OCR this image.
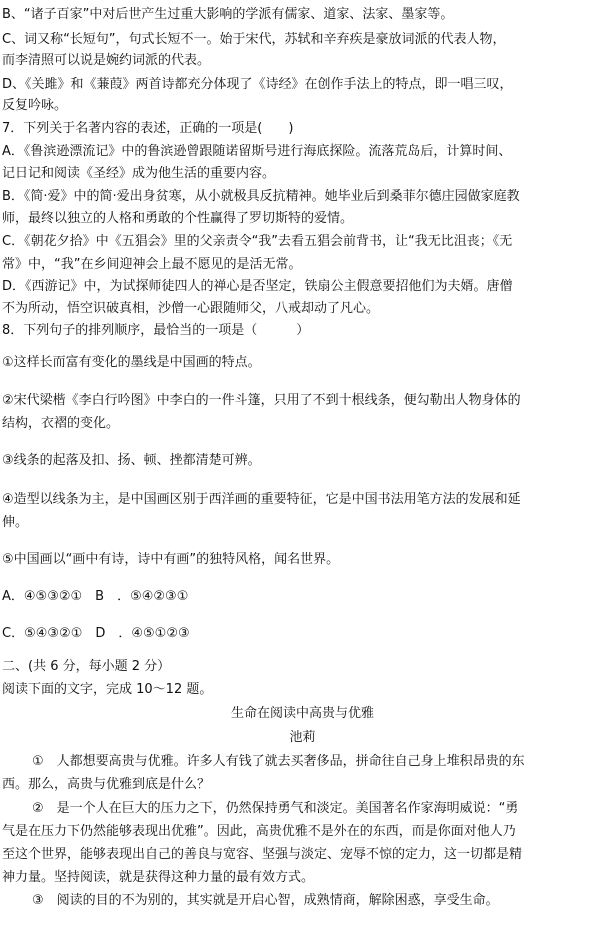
B、“诸子百家”中对后世产生过重大影响的学派有儒家、道家、法家、墨家等。
C、词又称“长短句”，句式长短不一。始于宋代，苏轼和辛弃疾是豪放词派的代表人物，
而李清照可以说是婉约词派的代表。
D、《关雎》和《蒹葭》两首诗都充分体现了《诗经》在创作手法上的特点，即一唱三叹，
反复吟咏。
7．下列关于名著内容的表述，正确的一项是(　　)
A．《鲁滨逊漂流记》中的鲁滨逊曾跟随诺留斯号进行海底探险。流落荒岛后，计算时间、
记日记和阅读《圣经》成为他生活的重要内容。
B．《简·爱》中的简·爱出身贫寒，从小就极具反抗精神。她毕业后到桑菲尔德庄园做家庭教
师，最终以独立的人格和勇敢的个性赢得了罗切斯特的爱情。
C．《朝花夕拾》中《五猖会》里的父亲责令“我”去看五猖会前背书，让“我无比沮丧；《无
常》中，“我”在乡间迎神会上最不愿见的是活无常。
D．《西游记》中，为试探师徒四人的禅心是否坚定，铁扇公主假意要招他们为夫婿。唐僧
不为所动，悟空识破真相，沙僧一心跟随师父，八戒却动了凡心。
8．下列句子的排列顺序，最恰当的一项是（　　　）
①这样长而富有变化的墨线是中国画的特点。
②宋代梁楷《李白行吟图》中李白的一件斗篷，只用了不到十根线条，便勾勒出人物身体的
结构，衣褶的变化。
③线条的起落及扣、扬、顿、挫都清楚可辨。
④造型以线条为主，是中国画区别于西洋画的重要特征，它是中国书法用笔方法的发展和延
伸。
⑤中国画以“画中有诗，诗中有画”的独特风格，闻名世界。
A．④⑤③②①　B　．⑤④②③①
C．⑤④③②①　D　．④⑤①②③
二、(共 6 分，每小题 2 分）
阅读下面的文字，完成 10～12 题。
生命在阅读中高贵与优雅
池莉
①　人都想要高贵与优雅。许多人有钱了就去买奢侈品，拼命往自己身上堆积昂贵的东
西。那么，高贵与优雅到底是什么？
②　是一个人在巨大的压力之下，仍然保持勇气和淡定。美国著名作家海明威说：“勇
气是在压力下仍然能够表现出优雅”。因此，高贵优雅不是外在的东西，而是你面对他人乃
至这个世界，能够表现出自己的善良与宽容、坚强与淡定、宠辱不惊的定力，这一切都是精
神力量。坚持阅读，就是获得这种力量的最有效方式。
③　阅读的目的不为别的，其实就是开启心智，成熟情商，解除困惑，享受生命。
